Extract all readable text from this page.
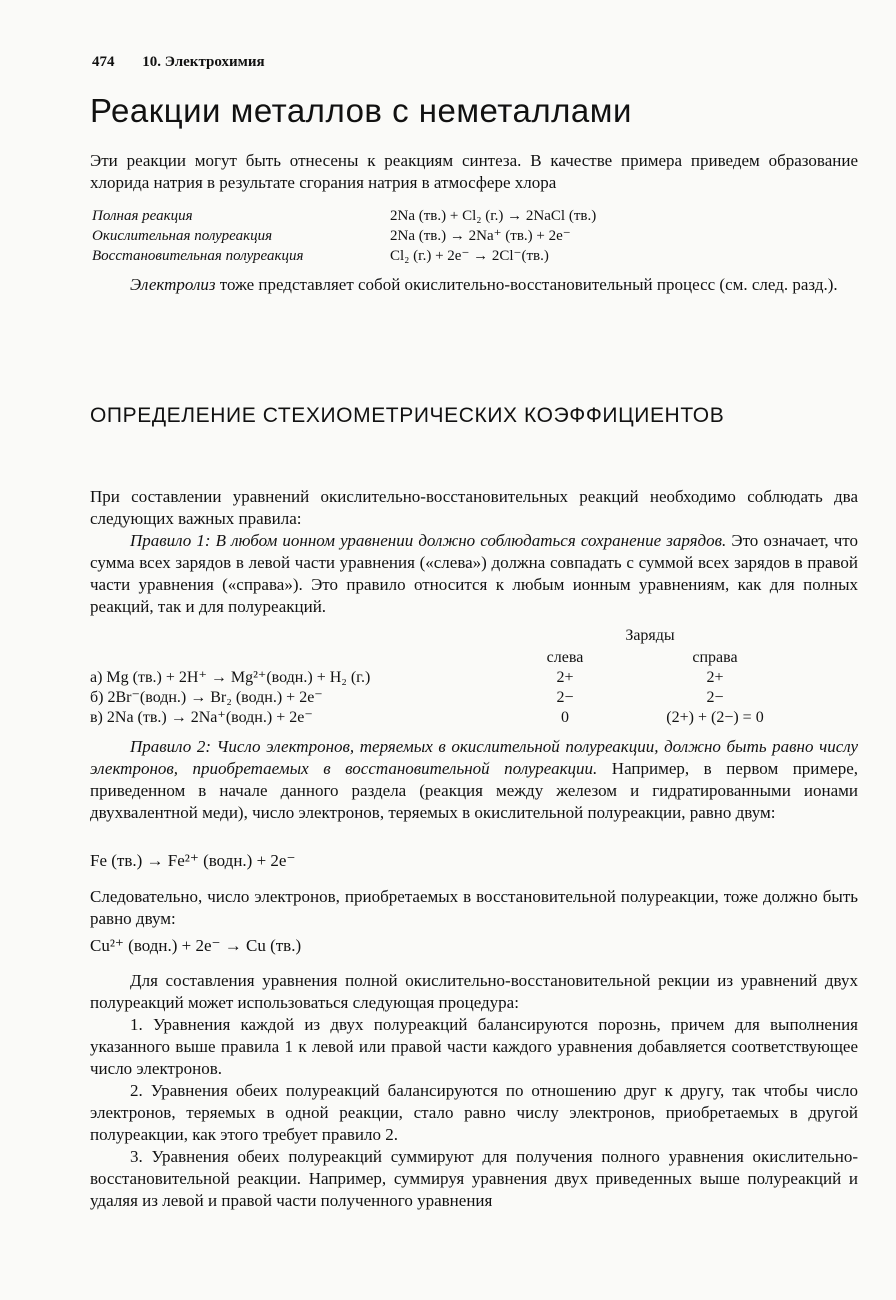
474 10. Электрохимия
Реакции металлов с неметаллами

Эти реакции могут быть отнесены к реакциям синтеза. В качестве примера приведем образование хлорида натрия в результате сгорания натрия в атмосфере хлора

Полная реакция	2Na (тв.) + Cl₂ (г.) → 2NaCl (тв.)
Окислительная полуреакция	2Na (тв.) → 2Na⁺ (тв.) + 2e⁻
Восстановительная полуреакция	Cl₂ (г.) + 2e⁻ → 2Cl⁻(тв.)

Электролиз тоже представляет собой окислительно-восстановительный процесс (см. след. разд.).

ОПРЕДЕЛЕНИЕ СТЕХИОМЕТРИЧЕСКИХ КОЭФФИЦИЕНТОВ

При составлении уравнений окислительно-восстановительных реакций необходимо соблюдать два следующих важных правила:

Правило 1: В любом ионном уравнении должно соблюдаться сохранение зарядов. Это означает, что сумма всех зарядов в левой части уравнения («слева») должна совпадать с суммой всех зарядов в правой части уравнения («справа»). Это правило относится к любым ионным уравнениям, как для полных реакций, так и для полуреакций.

Заряды
слева	справа
а) Mg (тв.) + 2H⁺ → Mg²⁺(водн.) + H₂ (г.)	2+	2+
б) 2Br⁻(водн.) → Br₂ (водн.) + 2e⁻	2−	2−
в) 2Na (тв.) → 2Na⁺(водн.) + 2e⁻	0	(2+) + (2−) = 0

Правило 2: Число электронов, теряемых в окислительной полуреакции, должно быть равно числу электронов, приобретаемых в восстановительной полуреакции. Например, в первом примере, приведенном в начале данного раздела (реакция между железом и гидратированными ионами двухвалентной меди), число электронов, теряемых в окислительной полуреакции, равно двум:

Fe (тв.) → Fe²⁺ (водн.) + 2e⁻

Следовательно, число электронов, приобретаемых в восстановительной полуреакции, тоже должно быть равно двум:

Cu²⁺ (водн.) + 2e⁻ → Cu (тв.)

Для составления уравнения полной окислительно-восстановительной рекции из уравнений двух полуреакций может использоваться следующая процедура:

1. Уравнения каждой из двух полуреакций балансируются порознь, причем для выполнения указанного выше правила 1 к левой или правой части каждого уравнения добавляется соответствующее число электронов.

2. Уравнения обеих полуреакций балансируются по отношению друг к другу, так чтобы число электронов, теряемых в одной реакции, стало равно числу электронов, приобретаемых в другой полуреакции, как этого требует правило 2.

3. Уравнения обеих полуреакций суммируют для получения полного уравнения окислительно-восстановительной реакции. Например, суммируя уравнения двух приведенных выше полуреакций и удаляя из левой и правой части полученного уравнения
